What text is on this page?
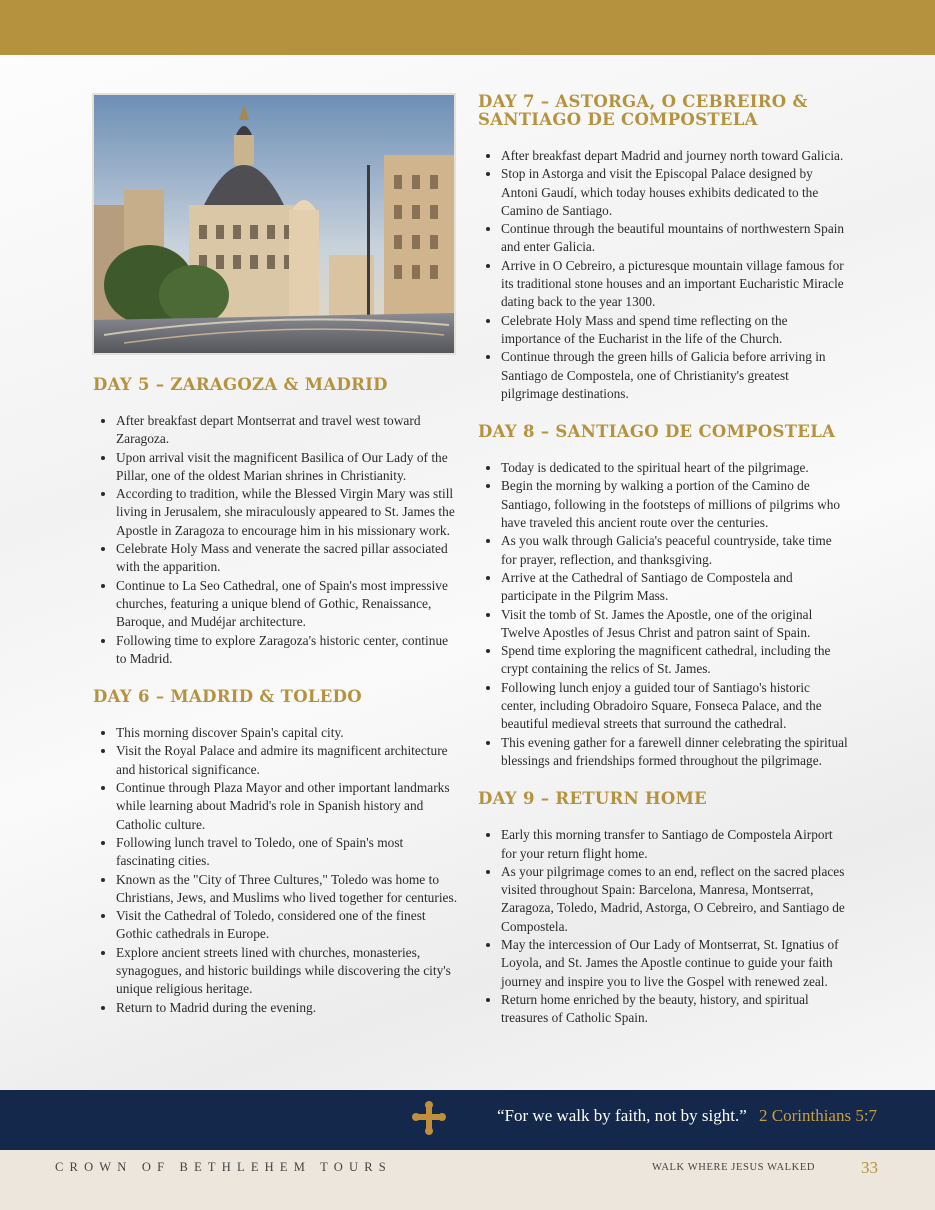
DAY 5 – ZARAGOZA & MADRID
• After breakfast depart Montserrat and travel west toward Zaragoza.
• Upon arrival visit the magnificent Basilica of Our Lady of the Pillar, one of the oldest Marian shrines in Christianity.
• According to tradition, while the Blessed Virgin Mary was still living in Jerusalem, she miraculously appeared to St. James the Apostle in Zaragoza to encourage him in his missionary work.
• Celebrate Holy Mass and venerate the sacred pillar associated with the apparition.
• Continue to La Seo Cathedral, one of Spain's most impressive churches, featuring a unique blend of Gothic, Renaissance, Baroque, and Mudéjar architecture.
• Following time to explore Zaragoza's historic center, continue to Madrid.
DAY 6 – MADRID & TOLEDO
• This morning discover Spain's capital city.
• Visit the Royal Palace and admire its magnificent architecture and historical significance.
• Continue through Plaza Mayor and other important landmarks while learning about Madrid's role in Spanish history and Catholic culture.
• Following lunch travel to Toledo, one of Spain's most fascinating cities.
• Known as the "City of Three Cultures," Toledo was home to Christians, Jews, and Muslims who lived together for centuries.
• Visit the Cathedral of Toledo, considered one of the finest Gothic cathedrals in Europe.
• Explore ancient streets lined with churches, monasteries, synagogues, and historic buildings while discovering the city's unique religious heritage.
• Return to Madrid during the evening.
DAY 7 – ASTORGA, O CEBREIRO & SANTIAGO DE COMPOSTELA
• After breakfast depart Madrid and journey north toward Galicia.
• Stop in Astorga and visit the Episcopal Palace designed by Antoni Gaudí, which today houses exhibits dedicated to the Camino de Santiago.
• Continue through the beautiful mountains of northwestern Spain and enter Galicia.
• Arrive in O Cebreiro, a picturesque mountain village famous for its traditional stone houses and an important Eucharistic Miracle dating back to the year 1300.
• Celebrate Holy Mass and spend time reflecting on the importance of the Eucharist in the life of the Church.
• Continue through the green hills of Galicia before arriving in Santiago de Compostela, one of Christianity's greatest pilgrimage destinations.
DAY 8 – SANTIAGO DE COMPOSTELA
• Today is dedicated to the spiritual heart of the pilgrimage.
• Begin the morning by walking a portion of the Camino de Santiago, following in the footsteps of millions of pilgrims who have traveled this ancient route over the centuries.
• As you walk through Galicia's peaceful countryside, take time for prayer, reflection, and thanksgiving.
• Arrive at the Cathedral of Santiago de Compostela and participate in the Pilgrim Mass.
• Visit the tomb of St. James the Apostle, one of the original Twelve Apostles of Jesus Christ and patron saint of Spain.
• Spend time exploring the magnificent cathedral, including the crypt containing the relics of St. James.
• Following lunch enjoy a guided tour of Santiago's historic center, including Obradoiro Square, Fonseca Palace, and the beautiful medieval streets that surround the cathedral.
• This evening gather for a farewell dinner celebrating the spiritual blessings and friendships formed throughout the pilgrimage.
DAY 9 – RETURN HOME
• Early this morning transfer to Santiago de Compostela Airport for your return flight home.
• As your pilgrimage comes to an end, reflect on the sacred places visited throughout Spain: Barcelona, Manresa, Montserrat, Zaragoza, Toledo, Madrid, Astorga, O Cebreiro, and Santiago de Compostela.
• May the intercession of Our Lady of Montserrat, St. Ignatius of Loyola, and St. James the Apostle continue to guide your faith journey and inspire you to live the Gospel with renewed zeal.
• Return home enriched by the beauty, history, and spiritual treasures of Catholic Spain.
“For we walk by faith, not by sight.” 2 Corinthians 5:7
CROWN OF BETHLEHEM TOURS	WALK WHERE JESUS WALKED	33
